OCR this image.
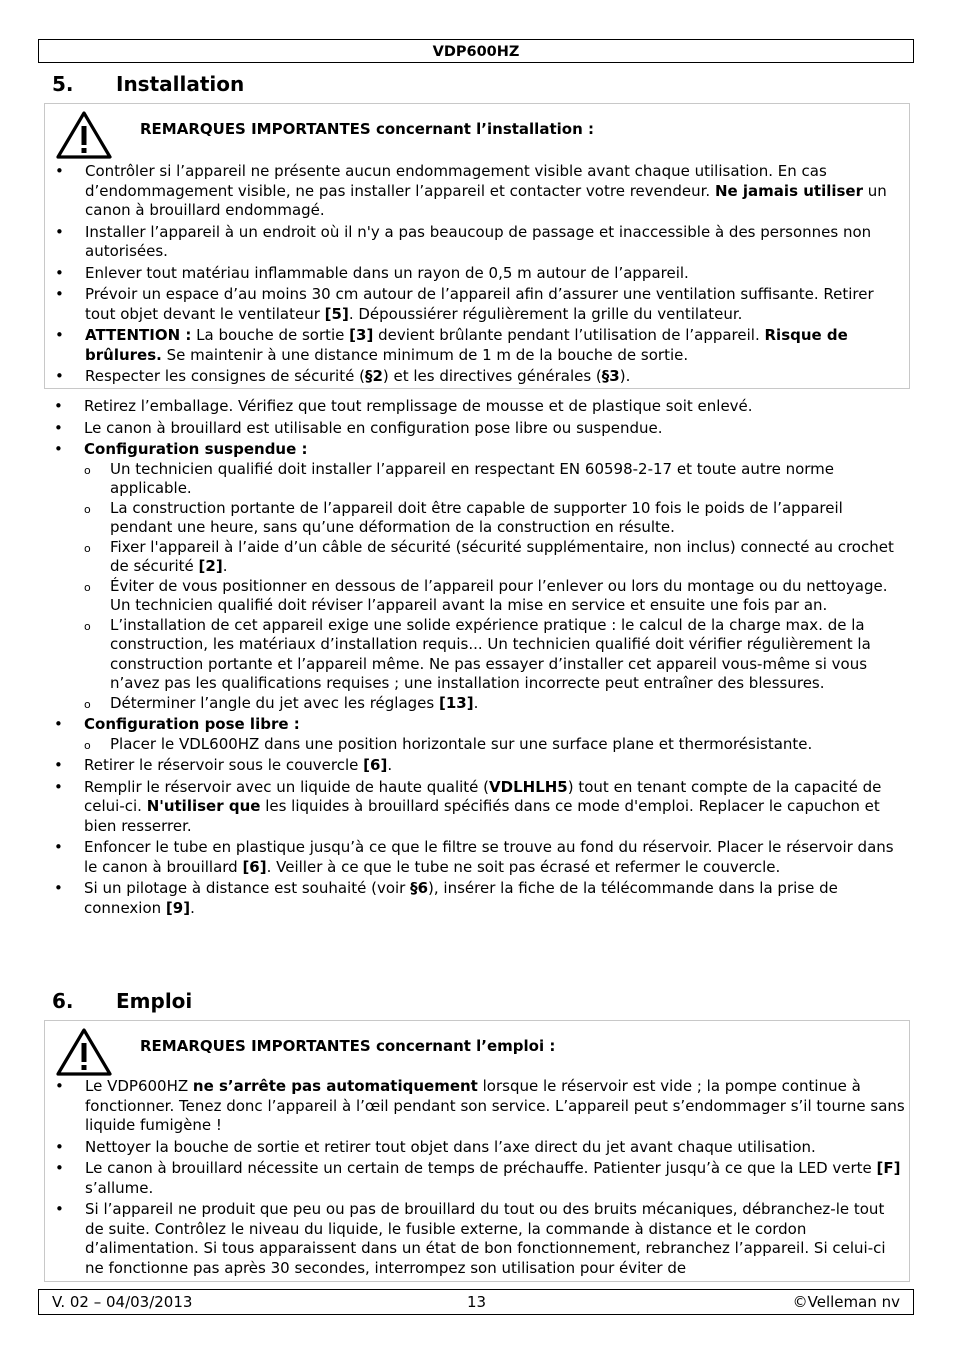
VDP600HZ
5. Installation
REMARQUES IMPORTANTES concernant l’installation :
• Contrôler si l’appareil ne présente aucun endommagement visible avant chaque utilisation. En cas d’endommagement visible, ne pas installer l’appareil et contacter votre revendeur. Ne jamais utiliser un canon à brouillard endommagé.
• Installer l’appareil à un endroit où il n'y a pas beaucoup de passage et inaccessible à des personnes non autorisées.
• Enlever tout matériau inflammable dans un rayon de 0,5 m autour de l’appareil.
• Prévoir un espace d’au moins 30 cm autour de l’appareil afin d’assurer une ventilation suffisante. Retirer tout objet devant le ventilateur [5]. Dépoussiérer régulièrement la grille du ventilateur.
• ATTENTION : La bouche de sortie [3] devient brûlante pendant l’utilisation de l’appareil. Risque de brûlures. Se maintenir à une distance minimum de 1 m de la bouche de sortie.
• Respecter les consignes de sécurité (§2) et les directives générales (§3).
• Retirez l’emballage. Vérifiez que tout remplissage de mousse et de plastique soit enlevé.
• Le canon à brouillard est utilisable en configuration pose libre ou suspendue.
• Configuration suspendue :
o Un technicien qualifié doit installer l’appareil en respectant EN 60598-2-17 et toute autre norme applicable.
o La construction portante de l’appareil doit être capable de supporter 10 fois le poids de l’appareil pendant une heure, sans qu’une déformation de la construction en résulte.
o Fixer l'appareil à l’aide d’un câble de sécurité (sécurité supplémentaire, non inclus) connecté au crochet de sécurité [2].
o Éviter de vous positionner en dessous de l’appareil pour l’enlever ou lors du montage ou du nettoyage. Un technicien qualifié doit réviser l’appareil avant la mise en service et ensuite une fois par an.
o L’installation de cet appareil exige une solide expérience pratique : le calcul de la charge max. de la construction, les matériaux d’installation requis... Un technicien qualifié doit vérifier régulièrement la construction portante et l’appareil même. Ne pas essayer d’installer cet appareil vous-même si vous n’avez pas les qualifications requises ; une installation incorrecte peut entraîner des blessures.
o Déterminer l’angle du jet avec les réglages [13].
• Configuration pose libre :
o Placer le VDL600HZ dans une position horizontale sur une surface plane et thermorésistante.
• Retirer le réservoir sous le couvercle [6].
• Remplir le réservoir avec un liquide de haute qualité (VDLHLH5) tout en tenant compte de la capacité de celui-ci. N'utiliser que les liquides à brouillard spécifiés dans ce mode d'emploi. Replacer le capuchon et bien resserrer.
• Enfoncer le tube en plastique jusqu’à ce que le filtre se trouve au fond du réservoir. Placer le réservoir dans le canon à brouillard [6]. Veiller à ce que le tube ne soit pas écrasé et refermer le couvercle.
• Si un pilotage à distance est souhaité (voir §6), insérer la fiche de la télécommande dans la prise de connexion [9].
6. Emploi
REMARQUES IMPORTANTES concernant l’emploi :
• Le VDP600HZ ne s’arrête pas automatiquement lorsque le réservoir est vide ; la pompe continue à fonctionner. Tenez donc l’appareil à l’œil pendant son service. L’appareil peut s’endommager s’il tourne sans liquide fumigène !
• Nettoyer la bouche de sortie et retirer tout objet dans l’axe direct du jet avant chaque utilisation.
• Le canon à brouillard nécessite un certain de temps de préchauffe. Patienter jusqu’à ce que la LED verte [F] s’allume.
• Si l’appareil ne produit que peu ou pas de brouillard du tout ou des bruits mécaniques, débranchez-le tout de suite. Contrôlez le niveau du liquide, le fusible externe, la commande à distance et le cordon d’alimentation. Si tous apparaissent dans un état de bon fonctionnement, rebranchez l’appareil. Si celui-ci ne fonctionne pas après 30 secondes, interrompez son utilisation pour éviter de
V. 02 – 04/03/2013	13	©Velleman nv
